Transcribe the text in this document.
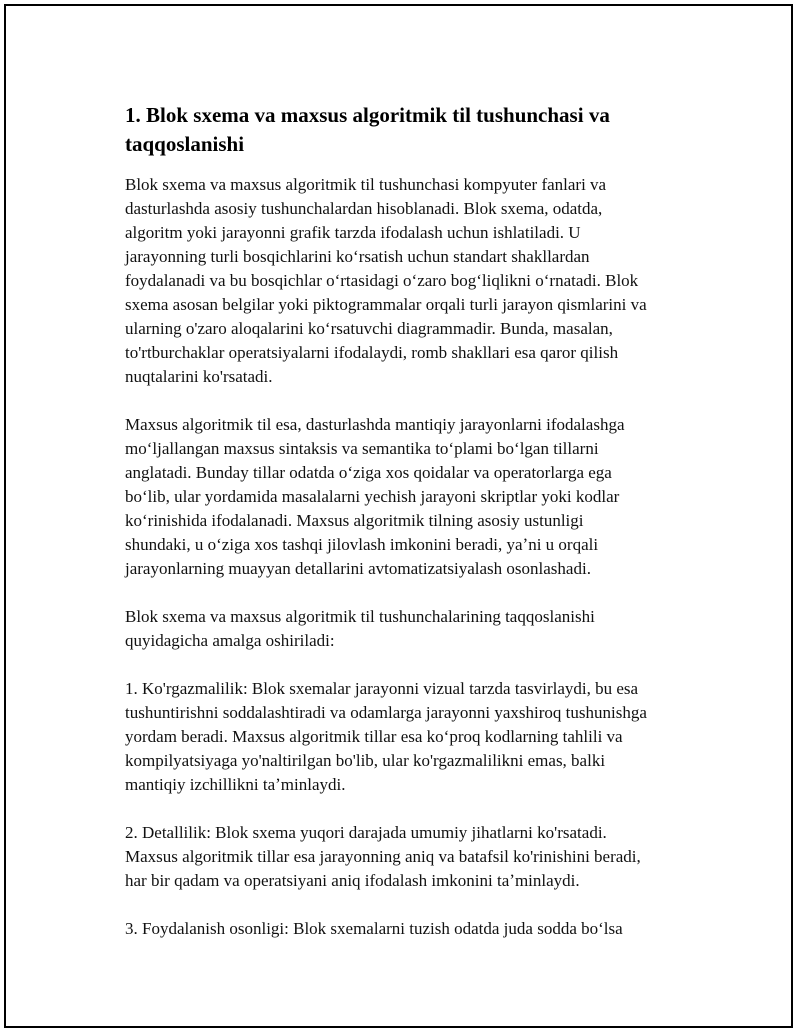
1. Blok sxema va maxsus algoritmik til tushunchasi va
taqqoslanishi

Blok sxema va maxsus algoritmik til tushunchasi kompyuter fanlari va
dasturlashda asosiy tushunchalardan hisoblanadi. Blok sxema, odatda,
algoritm yoki jarayonni grafik tarzda ifodalash uchun ishlatiladi. U
jarayonning turli bosqichlarini koʻrsatish uchun standart shakllardan
foydalanadi va bu bosqichlar oʻrtasidagi oʻzaro bogʻliqlikni oʻrnatadi. Blok
sxema asosan belgilar yoki piktogrammalar orqali turli jarayon qismlarini va
ularning o'zaro aloqalarini koʻrsatuvchi diagrammadir. Bunda, masalan,
to'rtburchaklar operatsiyalarni ifodalaydi, romb shakllari esa qaror qilish
nuqtalarini ko'rsatadi.

Maxsus algoritmik til esa, dasturlashda mantiqiy jarayonlarni ifodalashga
moʻljallangan maxsus sintaksis va semantika toʻplami boʻlgan tillarni
anglatadi. Bunday tillar odatda oʻziga xos qoidalar va operatorlarga ega
boʻlib, ular yordamida masalalarni yechish jarayoni skriptlar yoki kodlar
koʻrinishida ifodalanadi. Maxsus algoritmik tilning asosiy ustunligi
shundaki, u oʻziga xos tashqi jilovlash imkonini beradi, yaʼni u orqali
jarayonlarning muayyan detallarini avtomatizatsiyalash osonlashadi.

Blok sxema va maxsus algoritmik til tushunchalarining taqqoslanishi
quyidagicha amalga oshiriladi:

1. Ko'rgazmalilik: Blok sxemalar jarayonni vizual tarzda tasvirlaydi, bu esa
tushuntirishni soddalashtiradi va odamlarga jarayonni yaxshiroq tushunishga
yordam beradi. Maxsus algoritmik tillar esa koʻproq kodlarning tahlili va
kompilyatsiyaga yo'naltirilgan bo'lib, ular ko'rgazmalilikni emas, balki
mantiqiy izchillikni taʼminlaydi.

2. Detallilik: Blok sxema yuqori darajada umumiy jihatlarni ko'rsatadi.
Maxsus algoritmik tillar esa jarayonning aniq va batafsil ko'rinishini beradi,
har bir qadam va operatsiyani aniq ifodalash imkonini taʼminlaydi.

3. Foydalanish osonligi: Blok sxemalarni tuzish odatda juda sodda boʻlsa
